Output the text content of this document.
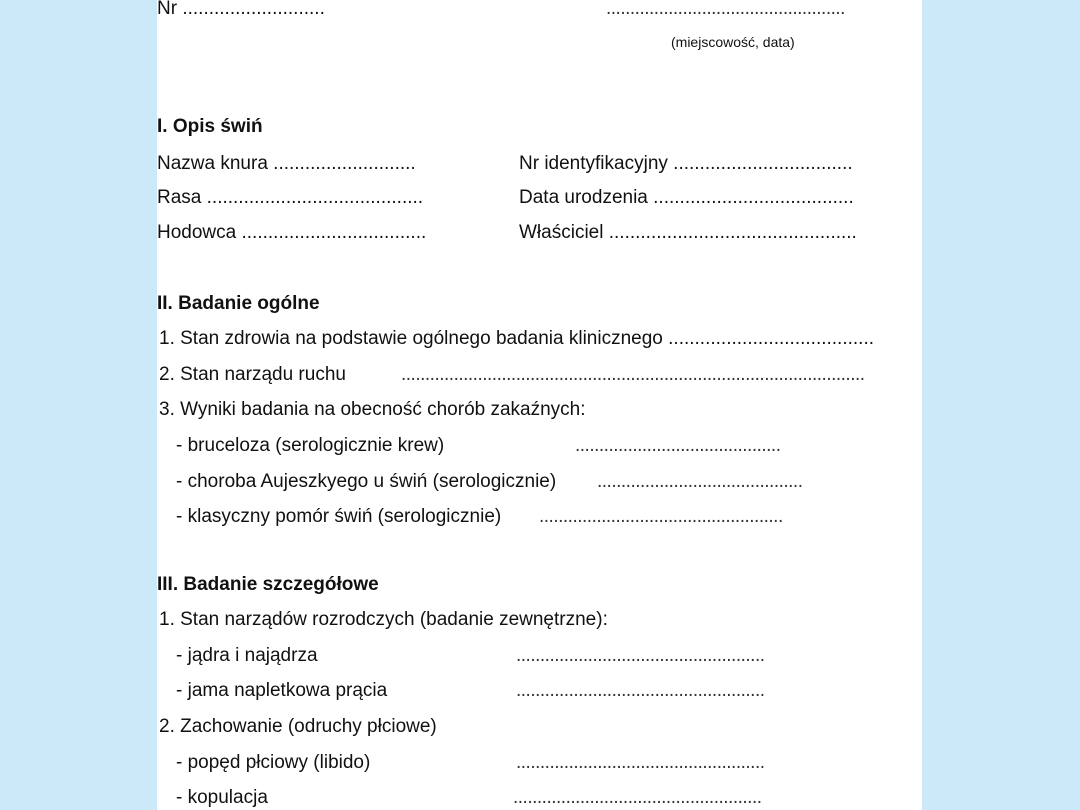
Nr ...........................	..................................................
(miejscowość, data)
I. Opis świń
Nazwa knura ...........................	Nr identyfikacyjny ..................................
Rasa .........................................	Data urodzenia ......................................
Hodowca ...................................	Właściciel ...............................................
II. Badanie ogólne
1. Stan zdrowia na podstawie ogólnego badania klinicznego .......................................
2. Stan narządu ruchu	.................................................................................................
3. Wyniki badania na obecność chorób zakaźnych:
- bruceloza (serologicznie krew)	...........................................
- choroba Aujeszkyego u świń (serologicznie) ...........................................
- klasyczny pomór świń (serologicznie) ...................................................
III. Badanie szczegółowe
1. Stan narządów rozrodczych (badanie zewnętrzne):
- jądra i najądrza	....................................................
- jama napletkowa prącia	....................................................
2. Zachowanie (odruchy płciowe)
- popęd płciowy (libido)	....................................................
- kopulacja	....................................................
